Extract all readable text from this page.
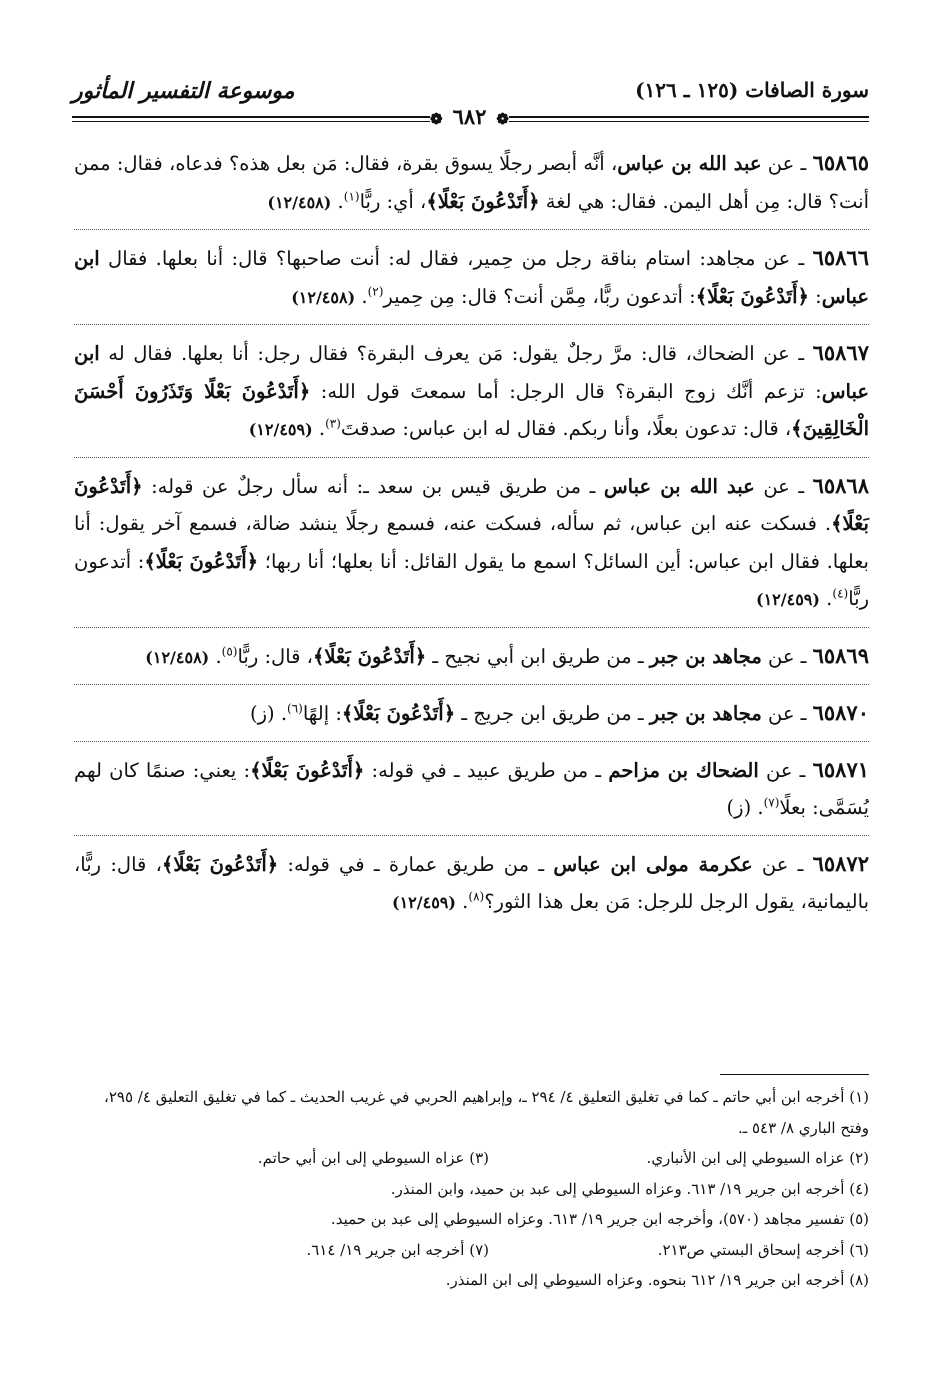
سورة الصافات (١٢٥ ـ ١٢٦)
موسوعة التفسير المأثور
❁٦٨٢❁

٦٥٨٦٥ ـ عن عبد الله بن عباس، أنَّه أبصر رجلًا يسوق بقرة، فقال: مَن بعل هذه؟ فدعاه، فقال: ممن أنت؟ قال: مِن أهل اليمن. فقال: هي لغة ﴿أَتَدْعُونَ بَعْلًا﴾، أي: ربًّا$^{(١)}$. (١٢/٤٥٨)

٦٥٨٦٦ ـ عن مجاهد: استام بناقة رجل من حِمير، فقال له: أنت صاحبها؟ قال: أنا بعلها. فقال ابن عباس: ﴿أَتَدْعُونَ بَعْلًا﴾: أتدعون ربًّا، مِمَّن أنت؟ قال: مِن حِمير$^{(٢)}$. (١٢/٤٥٨)

٦٥٨٦٧ ـ عن الضحاك، قال: مرَّ رجلٌ يقول: مَن يعرف البقرة؟ فقال رجل: أنا بعلها. فقال له ابن عباس: تزعم أنَّك زوج البقرة؟ قال الرجل: أما سمعتَ قول الله: ﴿أَتَدْعُونَ بَعْلًا وَتَذَرُونَ أَحْسَنَ الْخَالِقِينَ﴾، قال: تدعون بعلًا، وأنا ربكم. فقال له ابن عباس: صدقتَ$^{(٣)}$. (١٢/٤٥٩)

٦٥٨٦٨ ـ عن عبد الله بن عباس ـ من طريق قيس بن سعد ـ: أنه سأل رجلٌ عن قوله: ﴿أَتَدْعُونَ بَعْلًا﴾. فسكت عنه ابن عباس، ثم سأله، فسكت عنه، فسمع رجلًا ينشد ضالة، فسمع آخر يقول: أنا بعلها. فقال ابن عباس: أين السائل؟ اسمع ما يقول القائل: أنا بعلها؛ أنا ربها؛ ﴿أَتَدْعُونَ بَعْلًا﴾: أتدعون ربًّا$^{(٤)}$. (١٢/٤٥٩)

٦٥٨٦٩ ـ عن مجاهد بن جبر ـ من طريق ابن أبي نجيح ـ ﴿أَتَدْعُونَ بَعْلًا﴾، قال: ربًّا$^{(٥)}$. (١٢/٤٥٨)

٦٥٨٧٠ ـ عن مجاهد بن جبر ـ من طريق ابن جريج ـ ﴿أَتَدْعُونَ بَعْلًا﴾: إلهًا$^{(٦)}$. (ز)

٦٥٨٧١ ـ عن الضحاك بن مزاحم ـ من طريق عبيد ـ في قوله: ﴿أَتَدْعُونَ بَعْلًا﴾: يعني: صنمًا كان لهم يُسَمَّى: بعلًا$^{(٧)}$. (ز)

٦٥٨٧٢ ـ عن عكرمة مولى ابن عباس ـ من طريق عمارة ـ في قوله: ﴿أَتَدْعُونَ بَعْلًا﴾، قال: ربًّا، باليمانية، يقول الرجل للرجل: مَن بعل هذا الثور؟$^{(٨)}$. (١٢/٤٥٩)

(١) أخرجه ابن أبي حاتم ـ كما في تغليق التعليق ٤/ ٢٩٤ ـ، وإبراهيم الحربي في غريب الحديث ـ كما في تغليق التعليق ٤/ ٢٩٥، وفتح الباري ٨/ ٥٤٣ ـ.

(٢) عزاه السيوطي إلى ابن الأنباري.

(٣) عزاه السيوطي إلى ابن أبي حاتم.

(٤) أخرجه ابن جرير ١٩/ ٦١٣. وعزاه السيوطي إلى عبد بن حميد، وابن المنذر.

(٥) تفسير مجاهد (٥٧٠)، وأخرجه ابن جرير ١٩/ ٦١٣. وعزاه السيوطي إلى عبد بن حميد.

(٦) أخرجه إسحاق البستي ص٢١٣.

(٧) أخرجه ابن جرير ١٩/ ٦١٤.

(٨) أخرجه ابن جرير ١٩/ ٦١٢ بنحوه. وعزاه السيوطي إلى ابن المنذر.
